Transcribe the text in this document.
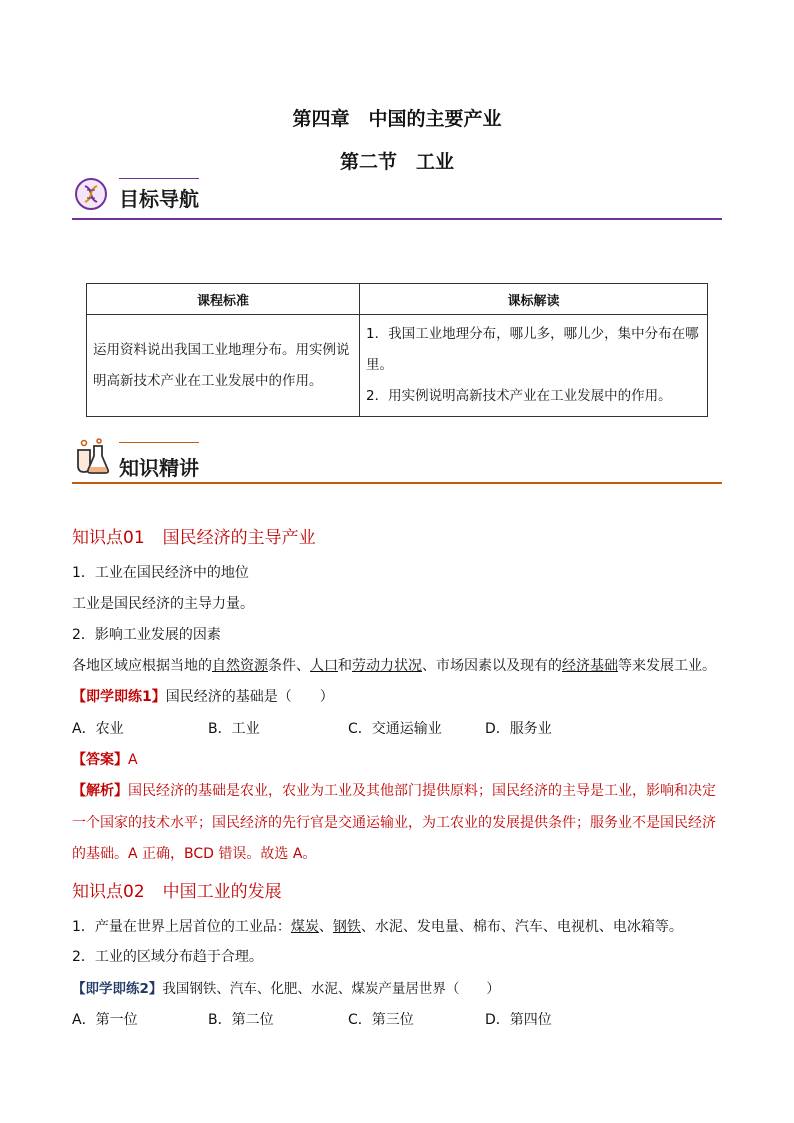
第四章　中国的主要产业
第二节　工业
目标导航
课程标准	课标解读
运用资料说出我国工业地理分布。用实例说明高新技术产业在工业发展中的作用。	1．我国工业地理分布，哪儿多，哪儿少，集中分布在哪里。
2．用实例说明高新技术产业在工业发展中的作用。
知识精讲
知识点01 国民经济的主导产业
1．工业在国民经济中的地位
工业是国民经济的主导力量。
2．影响工业发展的因素
各地区域应根据当地的自然资源条件、人口和劳动力状况、市场因素以及现有的经济基础等来发展工业。
【即学即练1】国民经济的基础是（　　）
A．农业	B．工业	C．交通运输业	D．服务业
【答案】A
【解析】国民经济的基础是农业，农业为工业及其他部门提供原料；国民经济的主导是工业，影响和决定
一个国家的技术水平；国民经济的先行官是交通运输业，为工农业的发展提供条件；服务业不是国民经济
的基础。A 正确，BCD 错误。故选 A。
知识点02 中国工业的发展
1．产量在世界上居首位的工业品：煤炭、钢铁、水泥、发电量、棉布、汽车、电视机、电冰箱等。
2．工业的区域分布趋于合理。
【即学即练2】我国钢铁、汽车、化肥、水泥、煤炭产量居世界（　　）
A．第一位	B．第二位	C．第三位	D．第四位
